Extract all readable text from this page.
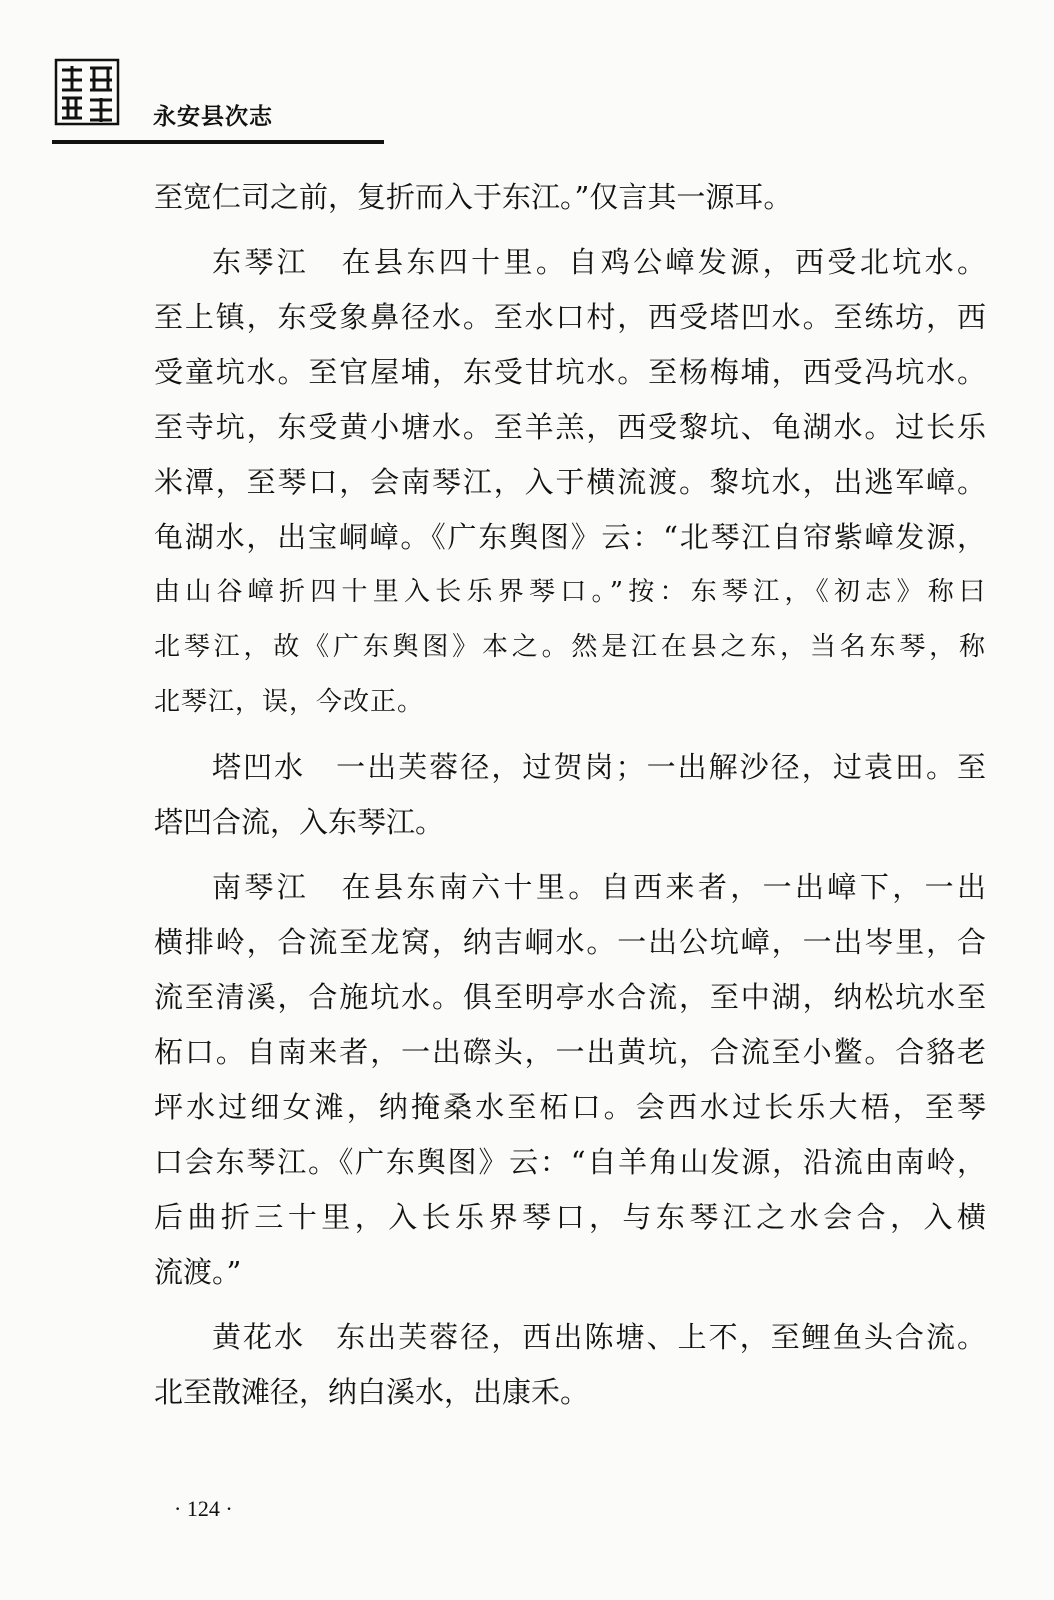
永安县次志
至宽仁司之前，复折而入于东江。”仅言其一源耳。
东琴江　在县东四十里。自鸡公嶂发源，西受北坑水。
至上镇，东受象鼻径水。至水口村，西受塔凹水。至练坊，西
受童坑水。至官屋埔，东受甘坑水。至杨梅埔，西受冯坑水。
至寺坑，东受黄小塘水。至羊羔，西受黎坑、龟湖水。过长乐
米潭，至琴口，会南琴江，入于横流渡。黎坑水，出逃军嶂。
龟湖水，出宝峒嶂。《广东舆图》云：“北琴江自帘紫嶂发源，
由山谷嶂折四十里入长乐界琴口。”按：东琴江，《初志》称曰
北琴江，故《广东舆图》本之。然是江在县之东，当名东琴，称
北琴江，误，今改正。
塔凹水　一出芙蓉径，过贺岗；一出解沙径，过袁田。至
塔凹合流，入东琴江。
南琴江　在县东南六十里。自西来者，一出嶂下，一出
横排岭，合流至龙窝，纳吉峒水。一出公坑嶂，一出岑里，合
流至清溪，合施坑水。俱至明亭水合流，至中湖，纳松坑水至
柘口。自南来者，一出磜头，一出黄坑，合流至小鳖。合貉老
坪水过细女滩，纳掩桑水至柘口。会西水过长乐大梧，至琴
口会东琴江。《广东舆图》云：“自羊角山发源，沿流由南岭，
后曲折三十里，入长乐界琴口，与东琴江之水会合，入横
流渡。”
黄花水　东出芙蓉径，西出陈塘、上不，至鲤鱼头合流。
北至散滩径，纳白溪水，出康禾。
· 124 ·
